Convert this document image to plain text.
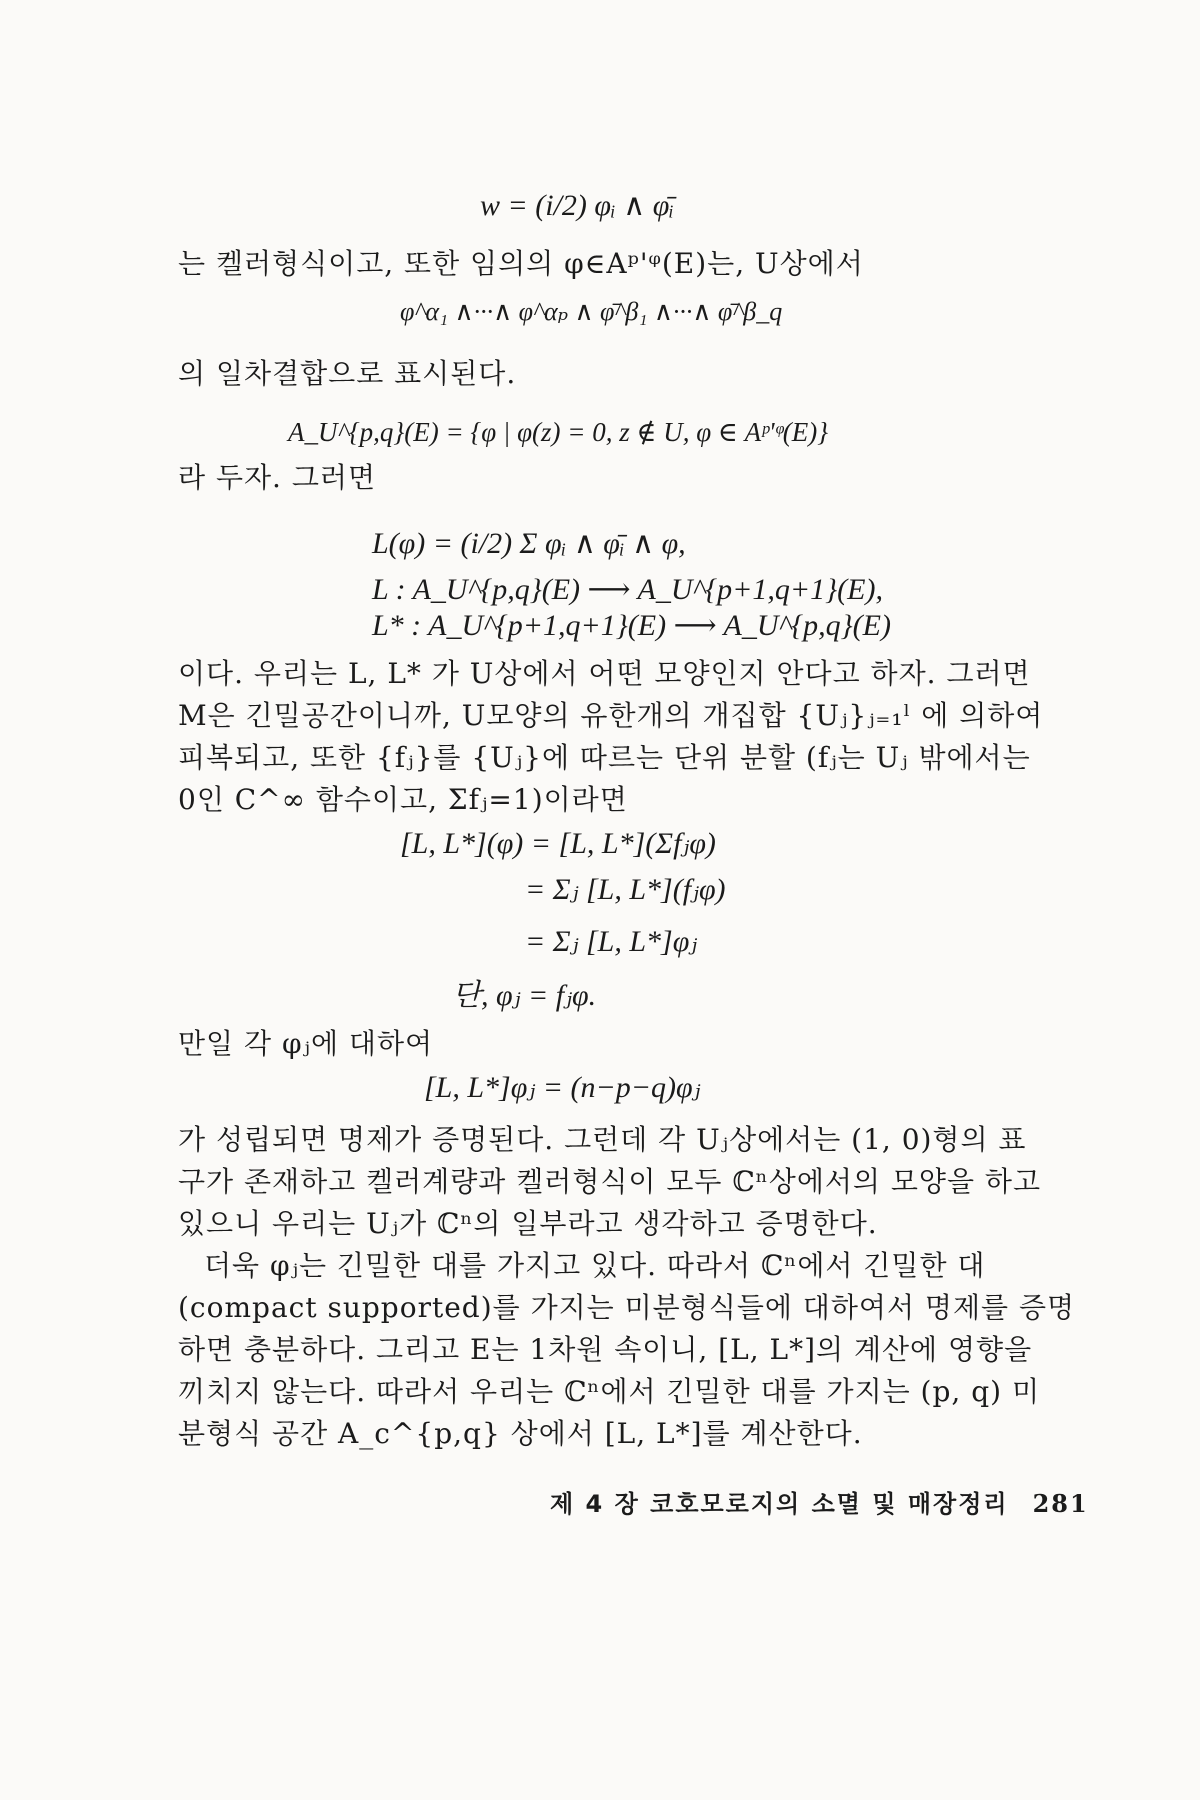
w = (i/2) φᵢ ∧ φ̄ᵢ
는 켈러형식이고, 또한 임의의 φ∈Aᵖ'ᵠ(E)는, U상에서
φ^α₁ ∧···∧ φ^αₚ ∧ φ̄^β₁ ∧···∧ φ̄^β_q
의 일차결합으로 표시된다.
A_U^{p,q}(E) = {φ | φ(z) = 0, z ∉ U, φ ∈ Aᵖ'ᵠ(E)}
라 두자. 그러면
L(φ) = (i/2) Σ φᵢ ∧ φ̄ᵢ ∧ φ,
L : A_U^{p,q}(E) ⟶ A_U^{p+1,q+1}(E),
L* : A_U^{p+1,q+1}(E) ⟶ A_U^{p,q}(E)
이다. 우리는 L, L* 가 U상에서 어떤 모양인지 안다고 하자. 그러면
M은 긴밀공간이니까, U모양의 유한개의 개집합 {Uⱼ}ⱼ₌₁ˡ 에 의하여
피복되고, 또한 {fⱼ}를 {Uⱼ}에 따르는 단위 분할 (fⱼ는 Uⱼ 밖에서는
0인 C^∞ 함수이고, Σfⱼ=1)이라면
[L, L*](φ) = [L, L*](Σfⱼφ)
= Σⱼ [L, L*](fⱼφ)
= Σⱼ [L, L*]φⱼ
단, φⱼ = fⱼφ.
만일 각 φⱼ에 대하여
[L, L*]φⱼ = (n−p−q)φⱼ
가 성립되면 명제가 증명된다. 그런데 각 Uⱼ상에서는 (1, 0)형의 표
구가 존재하고 켈러계량과 켈러형식이 모두 ℂⁿ상에서의 모양을 하고
있으니 우리는 Uⱼ가 ℂⁿ의 일부라고 생각하고 증명한다.
더욱 φⱼ는 긴밀한 대를 가지고 있다. 따라서 ℂⁿ에서 긴밀한 대
(compact supported)를 가지는 미분형식들에 대하여서 명제를 증명
하면 충분하다. 그리고 E는 1차원 속이니, [L, L*]의 계산에 영향을
끼치지 않는다. 따라서 우리는 ℂⁿ에서 긴밀한 대를 가지는 (p, q) 미
분형식 공간 A_c^{p,q} 상에서 [L, L*]를 계산한다.
제 4 장 코호모로지의 소멸 및 매장정리 281
